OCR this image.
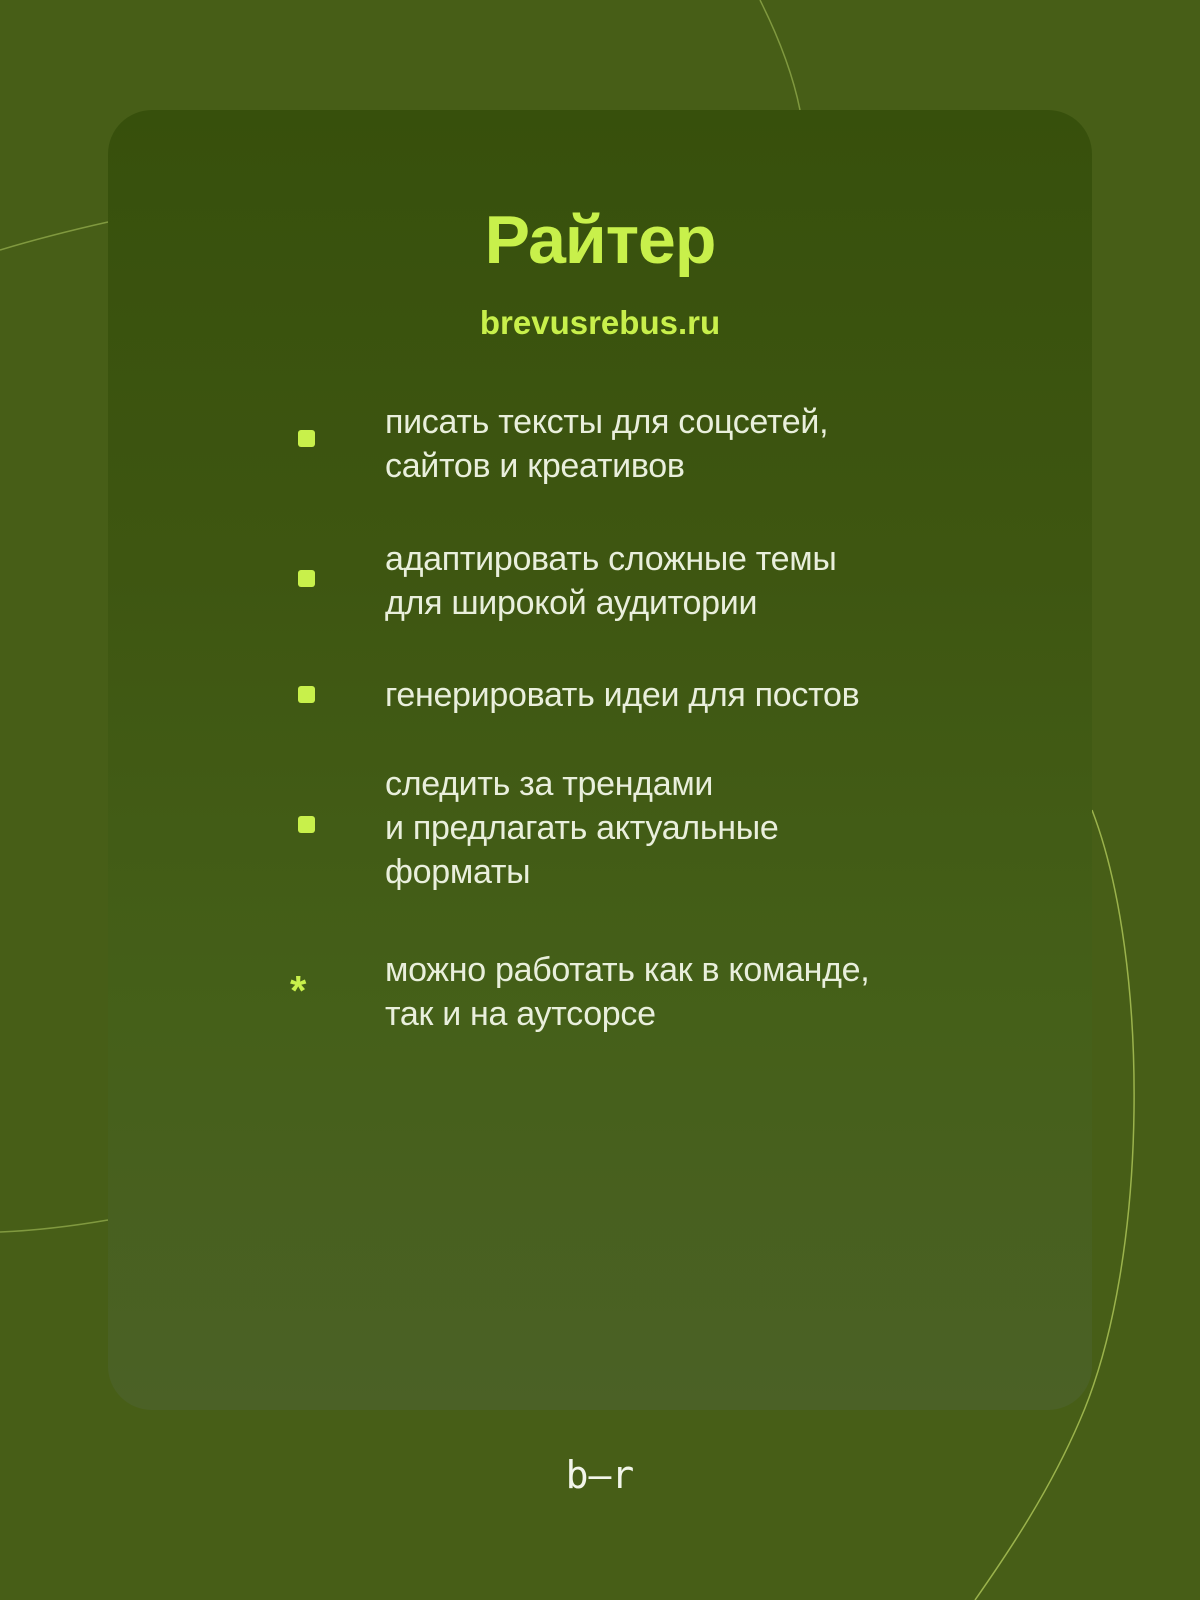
Райтер
brevusrebus.ru
писать тексты для соцсетей,
сайтов и креативов
адаптировать сложные темы
для широкой аудитории
генерировать идеи для постов
следить за трендами
и предлагать актуальные
форматы
* можно работать как в команде,
так и на аутсорсе
b–r
